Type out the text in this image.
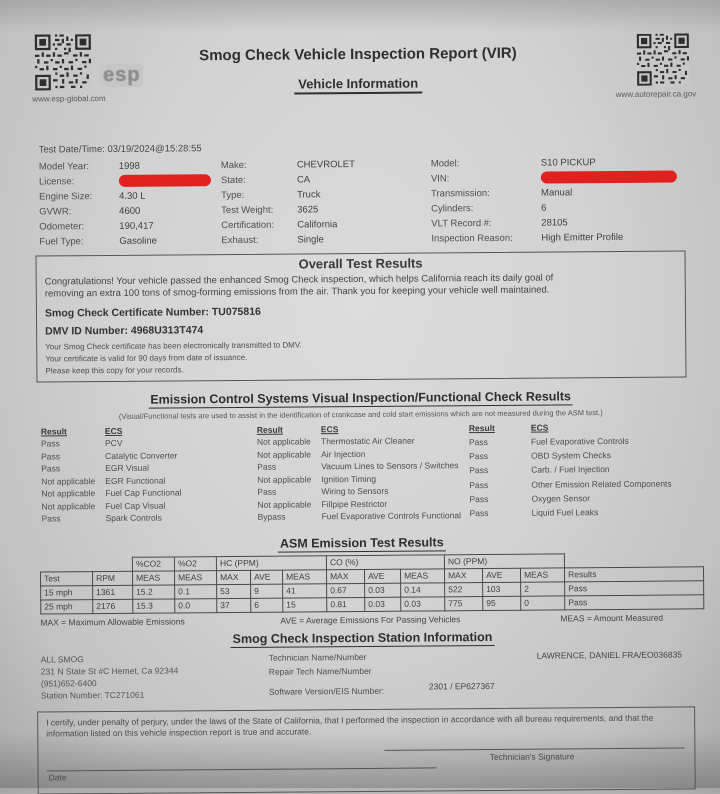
esp
www.esp-global.com	www.autorepair.ca.gov
Smog Check Vehicle Inspection Report (VIR)
Vehicle Information
Test Date/Time: 03/19/2024@15:28:55
Model Year:	1998	Make:	CHEVROLET	Model:	S10 PICKUP
License:	State:	CA	VIN:
Engine Size:	4.30 L	Type:	Truck	Transmission:	Manual
GVWR:	4600	Test Weight:	3625	Cylinders:	6
Odometer:	190,417	Certification:	California	VLT Record #:	28105
Fuel Type:	Gasoline	Exhaust:	Single	Inspection Reason:	High Emitter Profile
Overall Test Results
Congratulations! Your vehicle passed the enhanced Smog Check inspection, which helps California reach its daily goal of removing an extra 100 tons of smog-forming emissions from the air. Thank you for keeping your vehicle well maintained.
Smog Check Certificate Number: TU075816
DMV ID Number: 4968U313T474
Your Smog Check certificate has been electronically transmitted to DMV.
Your certificate is valid for 90 days from date of issuance.
Please keep this copy for your records.
Emission Control Systems Visual Inspection/Functional Check Results
(Visual/Functional tests are used to assist in the identification of crankcase and cold start emissions which are not measured during the ASM test.)
Result	ECS
Pass	PCV
Pass	Catalytic Converter
Pass	EGR Visual
Not applicable	EGR Functional
Not applicable	Fuel Cap Functional
Not applicable	Fuel Cap Visual
Pass	Spark Controls
Result	ECS
Not applicable	Thermostatic Air Cleaner
Not applicable	Air Injection
Pass	Vacuum Lines to Sensors / Switches
Not applicable	Ignition Timing
Pass	Wiring to Sensors
Not applicable	Fillpipe Restrictor
Bypass	Fuel Evaporative Controls Functional
Result	ECS
Pass	Fuel Evaporative Controls
Pass	OBD System Checks
Pass	Carb. / Fuel Injection
Pass	Other Emission Related Components
Pass	Oxygen Sensor
Pass	Liquid Fuel Leaks
ASM Emission Test Results
		%CO2	%O2	HC (PPM)			CO (%)			NO (PPM)			
Test	RPM	MEAS	MEAS	MAX	AVE	MEAS	MAX	AVE	MEAS	MAX	AVE	MEAS	Results
15 mph	1361	15.2	0.1	53	9	41	0.67	0.03	0.14	522	103	2	Pass
25 mph	2176	15.3	0.0	37	6	15	0.81	0.03	0.03	775	95	0	Pass
MAX = Maximum Allowable Emissions	AVE = Average Emissions For Passing Vehicles	MEAS = Amount Measured
Smog Check Inspection Station Information
ALL SMOG
231 N State St #C Hemet, Ca 92344
(951)652-6400
Station Number: TC271061
Technician Name/Number
Repair Tech Name/Number
Software Version/EIS Number:
LAWRENCE, DANIEL FRA/EO036835
2301 / EP627367
I certify, under penalty of perjury, under the laws of the State of California, that I performed the inspection in accordance with all bureau requirements, and that the information listed on this vehicle inspection report is true and accurate.
Technician's Signature
Date
